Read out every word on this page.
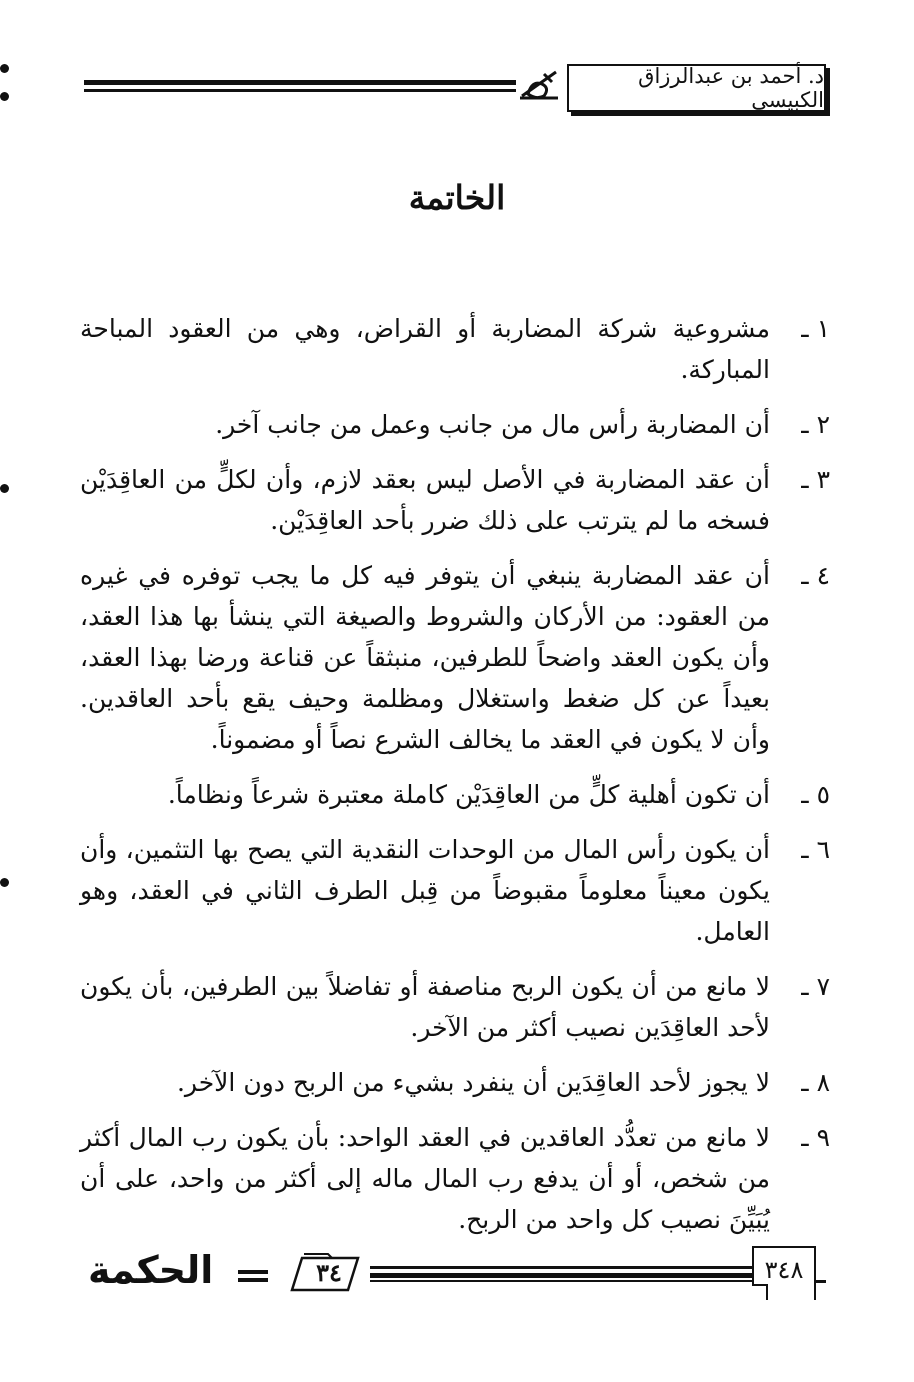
د. أحمد بن عبدالرزاق الكبيسي
الخاتمة
١ ـ
مشروعية شركة المضاربة أو القراض، وهي من العقود المباحة المباركة.
٢ ـ
أن المضاربة رأس مال من جانب وعمل من جانب آخر.
٣ ـ
أن عقد المضاربة في الأصل ليس بعقد لازم، وأن لكلٍّ من العاقِدَيْن فسخه ما لم يترتب على ذلك ضرر بأحد العاقِدَيْن.
٤ ـ
أن عقد المضاربة ينبغي أن يتوفر فيه كل ما يجب توفره في غيره من العقود: من الأركان والشروط والصيغة التي ينشأ بها هذا العقد، وأن يكون العقد واضحاً للطرفين، منبثقاً عن قناعة ورضا بهذا العقد، بعيداً عن كل ضغط واستغلال ومظلمة وحيف يقع بأحد العاقدين. وأن لا يكون في العقد ما يخالف الشرع نصاً أو مضموناً.
٥ ـ
أن تكون أهلية كلٍّ من العاقِدَيْن كاملة معتبرة شرعاً ونظاماً.
٦ ـ
أن يكون رأس المال من الوحدات النقدية التي يصح بها التثمين، وأن يكون معيناً معلوماً مقبوضاً من قِبل الطرف الثاني في العقد، وهو العامل.
٧ ـ
لا مانع من أن يكون الربح مناصفة أو تفاضلاً بين الطرفين، بأن يكون لأحد العاقِدَين نصيب أكثر من الآخر.
٨ ـ
لا يجوز لأحد العاقِدَين أن ينفرد بشيء من الربح دون الآخر.
٩ ـ
لا مانع من تعدُّد العاقدين في العقد الواحد: بأن يكون رب المال أكثر من شخص، أو أن يدفع رب المال ماله إلى أكثر من واحد، على أن يُبَيِّنَ نصيب كل واحد من الربح.
الحكمة	٣٤	٣٤٨
